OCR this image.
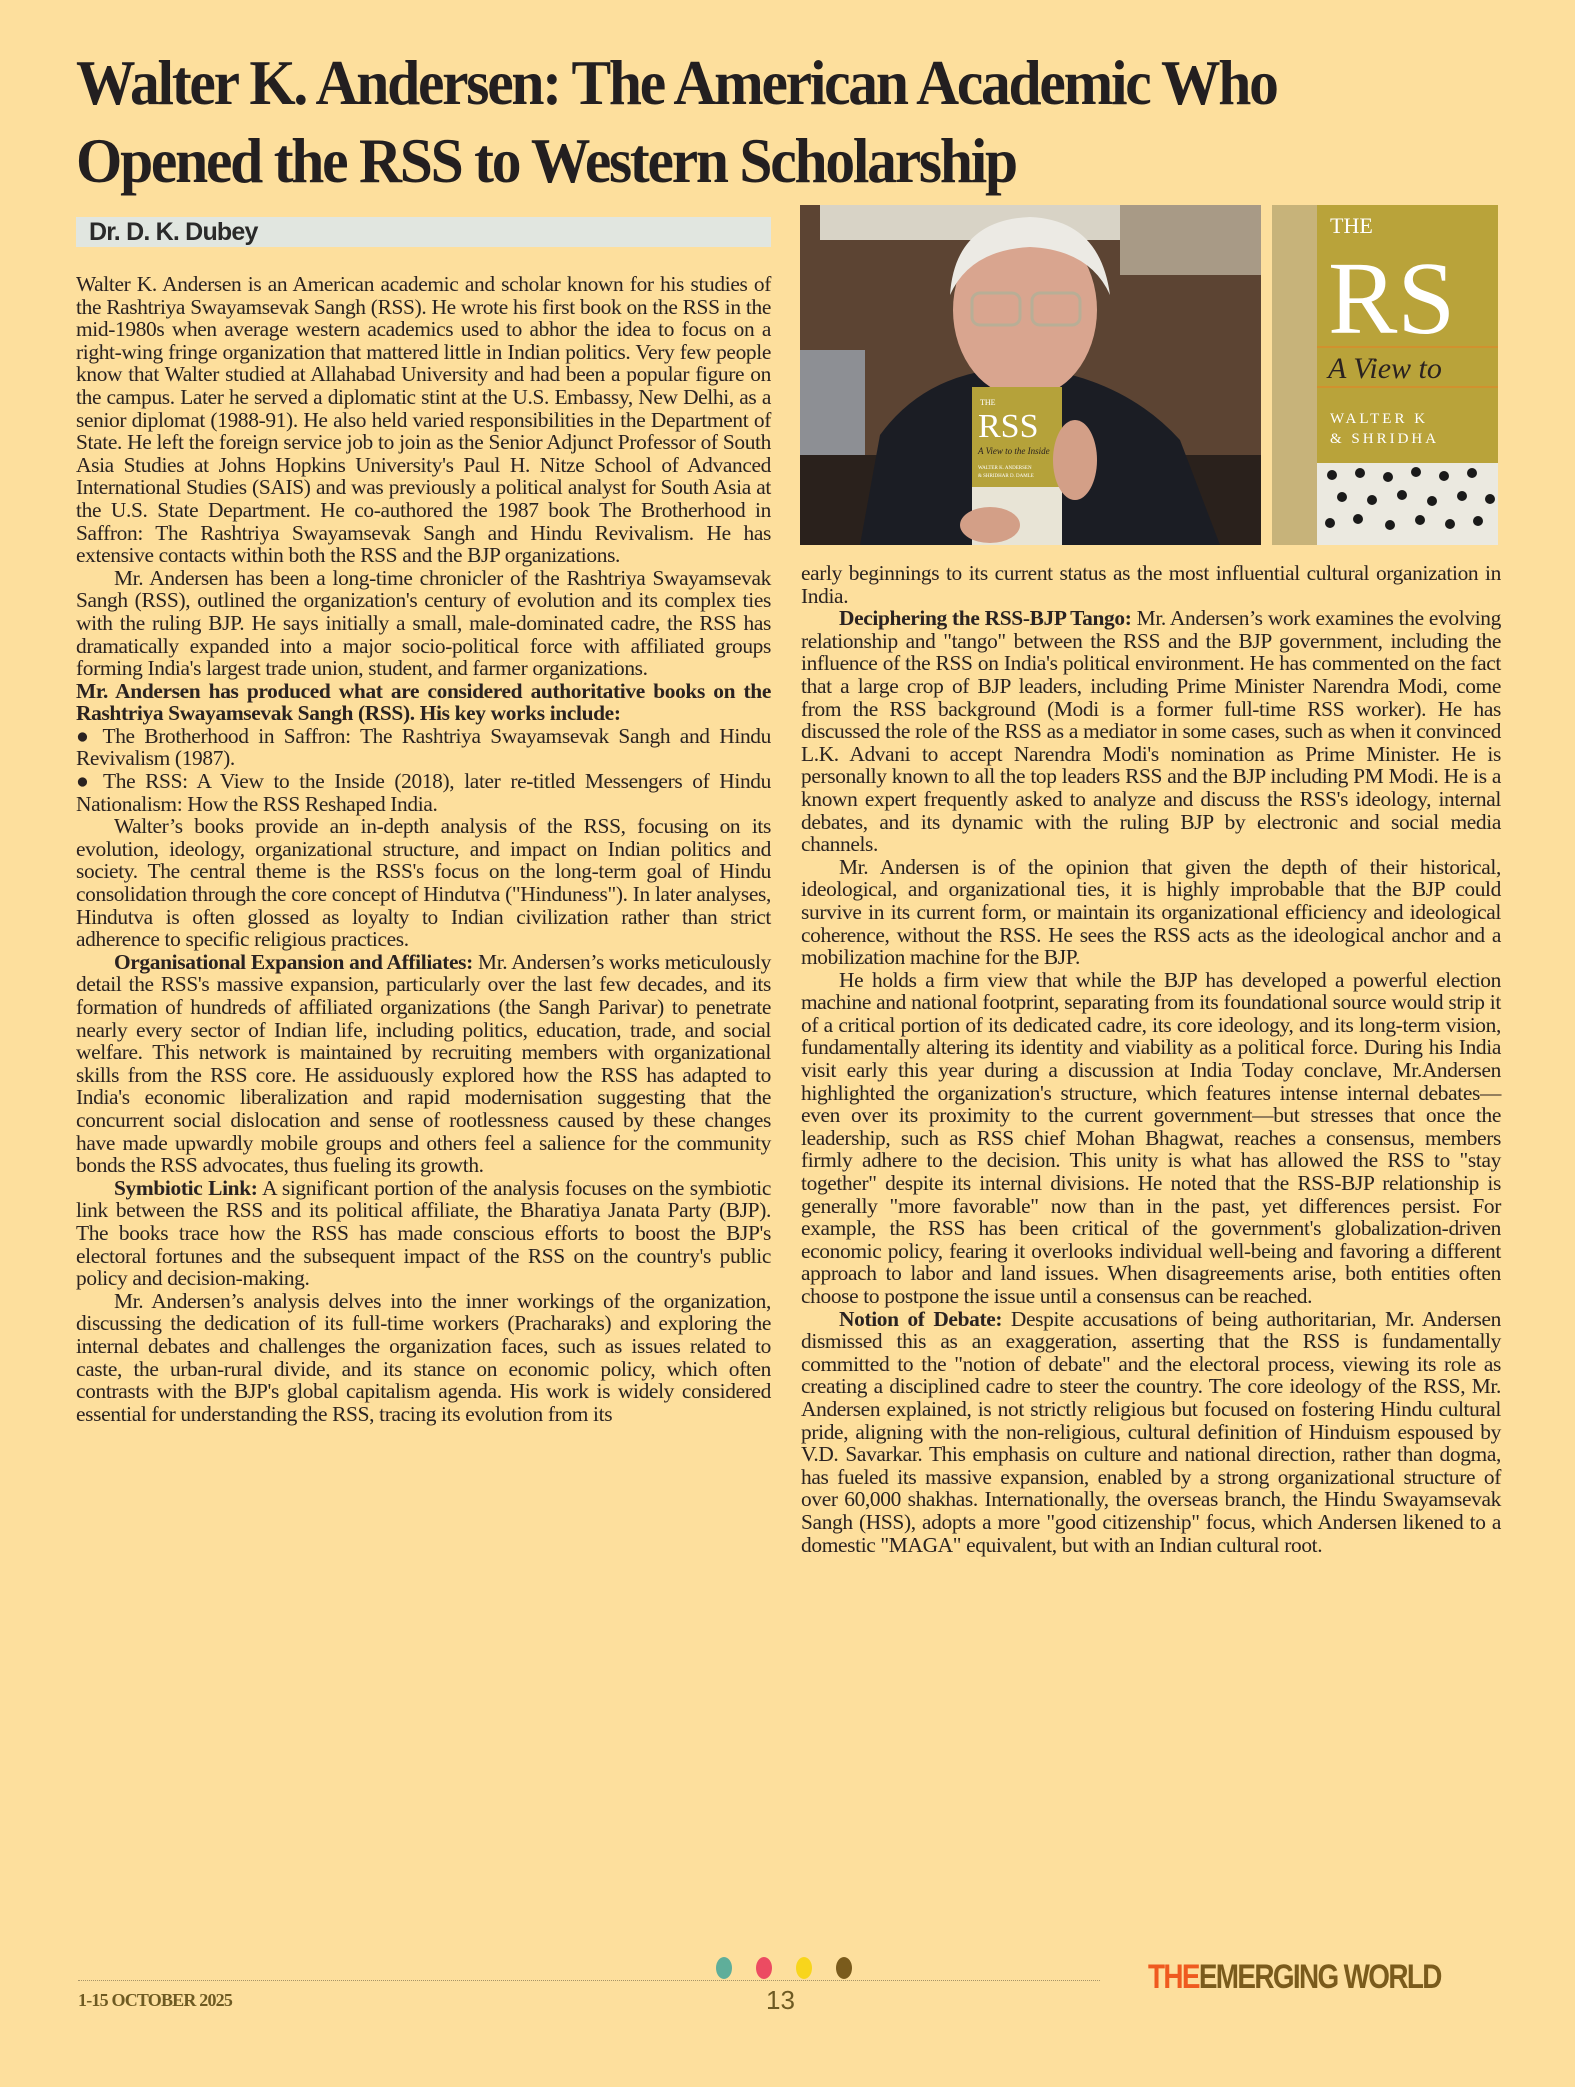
Walter K. Andersen: The American Academic Who Opened the RSS to Western Scholarship
Dr. D. K. Dubey
THE
RSS
A View to the Inside
WALTER K. ANDERSEN
& SHRIDHAR D. DAMLE
THE
RS
A View to
WALTER K
& SHRIDHA

Walter K. Andersen is an American academic and scholar known for his studies of the Rashtriya Swayamsevak Sangh (RSS). He wrote his first book on the RSS in the mid-1980s when average western academics used to abhor the idea to focus on a right-wing fringe organization that mattered little in Indian politics. Very few people know that Walter studied at Allahabad University and had been a popular figure on the campus. Later he served a diplomatic stint at the U.S. Embassy, New Delhi, as a senior diplomat (1988-91). He also held varied responsibilities in the Department of State. He left the foreign service job to join as the Senior Adjunct Professor of South Asia Studies at Johns Hopkins University's Paul H. Nitze School of Advanced International Studies (SAIS) and was previously a political analyst for South Asia at the U.S. State Department. He co-authored the 1987 book The Brotherhood in Saffron: The Rashtriya Swayamsevak Sangh and Hindu Revivalism. He has extensive contacts within both the RSS and the BJP organizations.

Mr. Andersen has been a long-time chronicler of the Rashtriya Swayamsevak Sangh (RSS), outlined the organization's century of evolution and its complex ties with the ruling BJP. He says initially a small, male-dominated cadre, the RSS has dramatically expanded into a major socio-political force with affiliated groups forming India's largest trade union, student, and farmer organizations.

Mr. Andersen has produced what are considered authoritative books on the Rashtriya Swayamsevak Sangh (RSS). His key works include:

● The Brotherhood in Saffron: The Rashtriya Swayamsevak Sangh and Hindu Revivalism (1987).

● The RSS: A View to the Inside (2018), later re-titled Messengers of Hindu Nationalism: How the RSS Reshaped India.

Walter’s books provide an in-depth analysis of the RSS, focusing on its evolution, ideology, organizational structure, and impact on Indian politics and society. The central theme is the RSS's focus on the long-term goal of Hindu consolidation through the core concept of Hindutva ("Hinduness"). In later analyses, Hindutva is often glossed as loyalty to Indian civilization rather than strict adherence to specific religious practices.

Organisational Expansion and Affiliates: Mr. Andersen’s works meticulously detail the RSS's massive expansion, particularly over the last few decades, and its formation of hundreds of affiliated organizations (the Sangh Parivar) to penetrate nearly every sector of Indian life, including politics, education, trade, and social welfare. This network is maintained by recruiting members with organizational skills from the RSS core. He assiduously explored how the RSS has adapted to India's economic liberalization and rapid modernisation suggesting that the concurrent social dislocation and sense of rootlessness caused by these changes have made upwardly mobile groups and others feel a salience for the community bonds the RSS advocates, thus fueling its growth.

Symbiotic Link: A significant portion of the analysis focuses on the symbiotic link between the RSS and its political affiliate, the Bharatiya Janata Party (BJP). The books trace how the RSS has made conscious efforts to boost the BJP's electoral fortunes and the subsequent impact of the RSS on the country's public policy and decision-making.

Mr. Andersen’s analysis delves into the inner workings of the organization, discussing the dedication of its full-time workers (Pracharaks) and exploring the internal debates and challenges the organization faces, such as issues related to caste, the urban-rural divide, and its stance on economic policy, which often contrasts with the BJP's global capitalism agenda. His work is widely considered essential for understanding the RSS, tracing its evolution from its

early beginnings to its current status as the most influential cultural organization in India.

Deciphering the RSS-BJP Tango: Mr. Andersen’s work examines the evolving relationship and "tango" between the RSS and the BJP government, including the influence of the RSS on India's political environment. He has commented on the fact that a large crop of BJP leaders, including Prime Minister Narendra Modi, come from the RSS background (Modi is a former full-time RSS worker). He has discussed the role of the RSS as a mediator in some cases, such as when it convinced L.K. Advani to accept Narendra Modi's nomination as Prime Minister. He is personally known to all the top leaders RSS and the BJP including PM Modi. He is a known expert frequently asked to analyze and discuss the RSS's ideology, internal debates, and its dynamic with the ruling BJP by electronic and social media channels.

Mr. Andersen is of the opinion that given the depth of their historical, ideological, and organizational ties, it is highly improbable that the BJP could survive in its current form, or maintain its organizational efficiency and ideological coherence, without the RSS. He sees the RSS acts as the ideological anchor and a mobilization machine for the BJP.

He holds a firm view that while the BJP has developed a powerful election machine and national footprint, separating from its foundational source would strip it of a critical portion of its dedicated cadre, its core ideology, and its long-term vision, fundamentally altering its identity and viability as a political force. During his India visit early this year during a discussion at India Today conclave, Mr.Andersen highlighted the organization's structure, which features intense internal debates—even over its proximity to the current government—but stresses that once the leadership, such as RSS chief Mohan Bhagwat, reaches a consensus, members firmly adhere to the decision. This unity is what has allowed the RSS to "stay together" despite its internal divisions. He noted that the RSS-BJP relationship is generally "more favorable" now than in the past, yet differences persist. For example, the RSS has been critical of the government's globalization-driven economic policy, fearing it overlooks individual well-being and favoring a different approach to labor and land issues. When disagreements arise, both entities often choose to postpone the issue until a consensus can be reached.

Notion of Debate: Despite accusations of being authoritarian, Mr. Andersen dismissed this as an exaggeration, asserting that the RSS is fundamentally committed to the "notion of debate" and the electoral process, viewing its role as creating a disciplined cadre to steer the country. The core ideology of the RSS, Mr. Andersen explained, is not strictly religious but focused on fostering Hindu cultural pride, aligning with the non-religious, cultural definition of Hinduism espoused by V.D. Savarkar. This emphasis on culture and national direction, rather than dogma, has fueled its massive expansion, enabled by a strong organizational structure of over 60,000 shakhas. Internationally, the overseas branch, the Hindu Swayamsevak Sangh (HSS), adopts a more "good citizenship" focus, which Andersen likened to a domestic "MAGA" equivalent, but with an Indian cultural root.

1-15 OCTOBER 2025	13
THEEMERGING WORLD
